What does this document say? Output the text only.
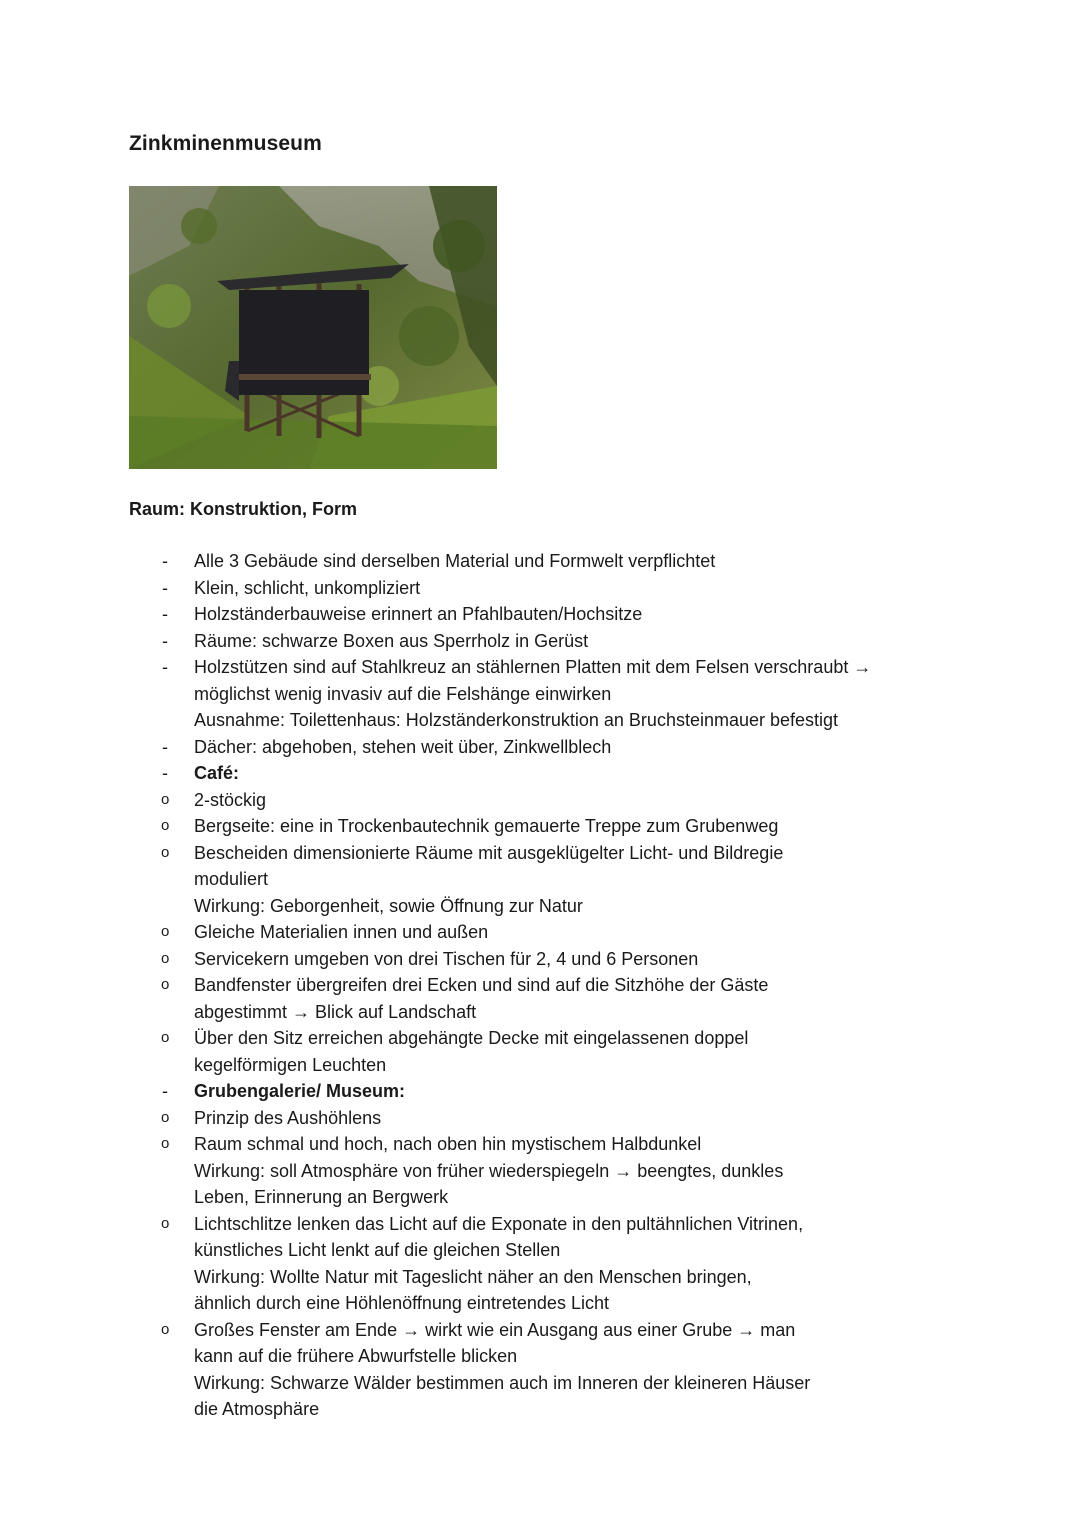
Zinkminenmuseum
Raum: Konstruktion, Form
- Alle 3 Gebäude sind derselben Material und Formwelt verpflichtet
- Klein, schlicht, unkompliziert
- Holzständerbauweise erinnert an Pfahlbauten/Hochsitze
- Räume: schwarze Boxen aus Sperrholz in Gerüst
- Holzstützen sind auf Stahlkreuz an stählernen Platten mit dem Felsen verschraubt →
möglichst wenig invasiv auf die Felshänge einwirken
Ausnahme: Toilettenhaus: Holzständerkonstruktion an Bruchsteinmauer befestigt
- Dächer: abgehoben, stehen weit über, Zinkwellblech
- Café:
o 2-stöckig
o Bergseite: eine in Trockenbautechnik gemauerte Treppe zum Grubenweg
o Bescheiden dimensionierte Räume mit ausgeklügelter Licht- und Bildregie
moduliert
Wirkung: Geborgenheit, sowie Öffnung zur Natur
o Gleiche Materialien innen und außen
o Servicekern umgeben von drei Tischen für 2, 4 und 6 Personen
o Bandfenster übergreifen drei Ecken und sind auf die Sitzhöhe der Gäste
abgestimmt → Blick auf Landschaft
o Über den Sitz erreichen abgehängte Decke mit eingelassenen doppel
kegelförmigen Leuchten
- Grubengalerie/ Museum:
o Prinzip des Aushöhlens
o Raum schmal und hoch, nach oben hin mystischem Halbdunkel
Wirkung: soll Atmosphäre von früher wiederspiegeln → beengtes, dunkles
Leben, Erinnerung an Bergwerk
o Lichtschlitze lenken das Licht auf die Exponate in den pultähnlichen Vitrinen,
künstliches Licht lenkt auf die gleichen Stellen
Wirkung: Wollte Natur mit Tageslicht näher an den Menschen bringen,
ähnlich durch eine Höhlenöffnung eintretendes Licht
o Großes Fenster am Ende → wirkt wie ein Ausgang aus einer Grube → man
kann auf die frühere Abwurfstelle blicken
Wirkung: Schwarze Wälder bestimmen auch im Inneren der kleineren Häuser
die Atmosphäre
